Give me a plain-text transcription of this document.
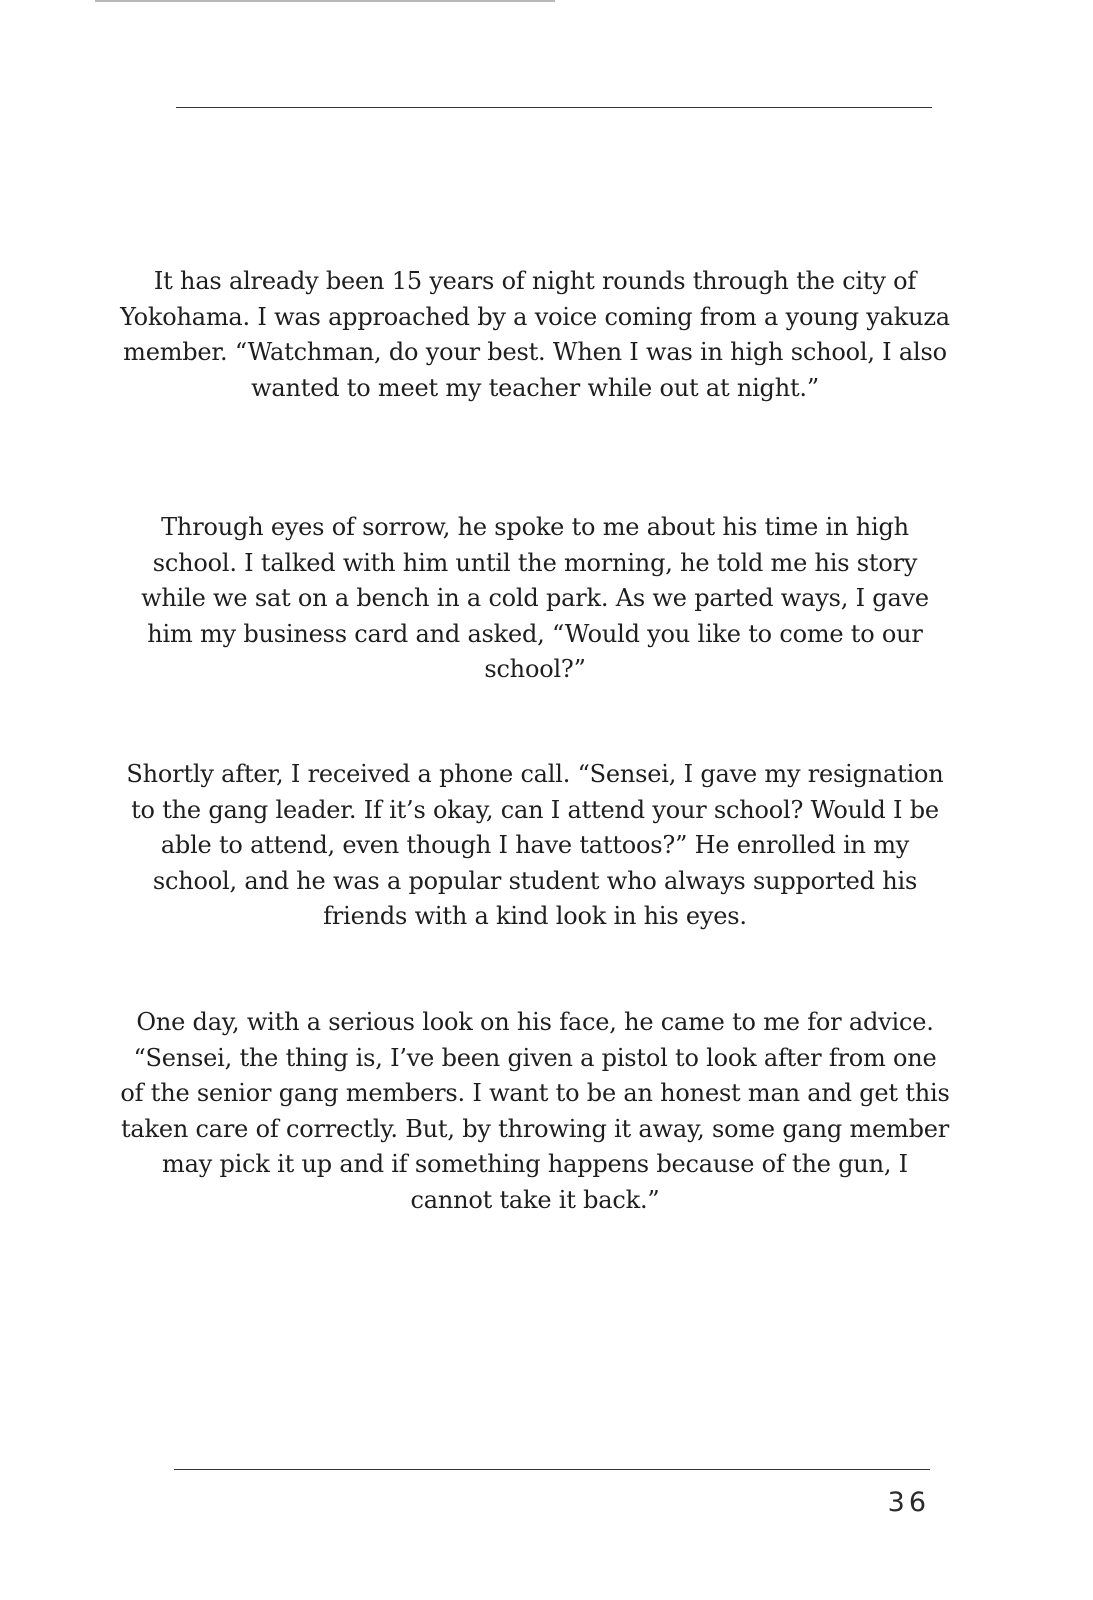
It has already been 15 years of night rounds through the city of Yokohama. I was approached by a voice coming from a young yakuza member. “Watchman, do your best. When I was in high school, I also wanted to meet my teacher while out at night.”

Through eyes of sorrow, he spoke to me about his time in high school. I talked with him until the morning, he told me his story while we sat on a bench in a cold park. As we parted ways, I gave him my business card and asked, “Would you like to come to our school?”

Shortly after, I received a phone call. “Sensei, I gave my resignation to the gang leader. If it’s okay, can I attend your school? Would I be able to attend, even though I have tattoos?” He enrolled in my school, and he was a popular student who always supported his friends with a kind look in his eyes.

One day, with a serious look on his face, he came to me for advice. “Sensei, the thing is, I’ve been given a pistol to look after from one of the senior gang members. I want to be an honest man and get this taken care of correctly. But, by throwing it away, some gang member may pick it up and if something happens because of the gun, I cannot take it back.”

36
